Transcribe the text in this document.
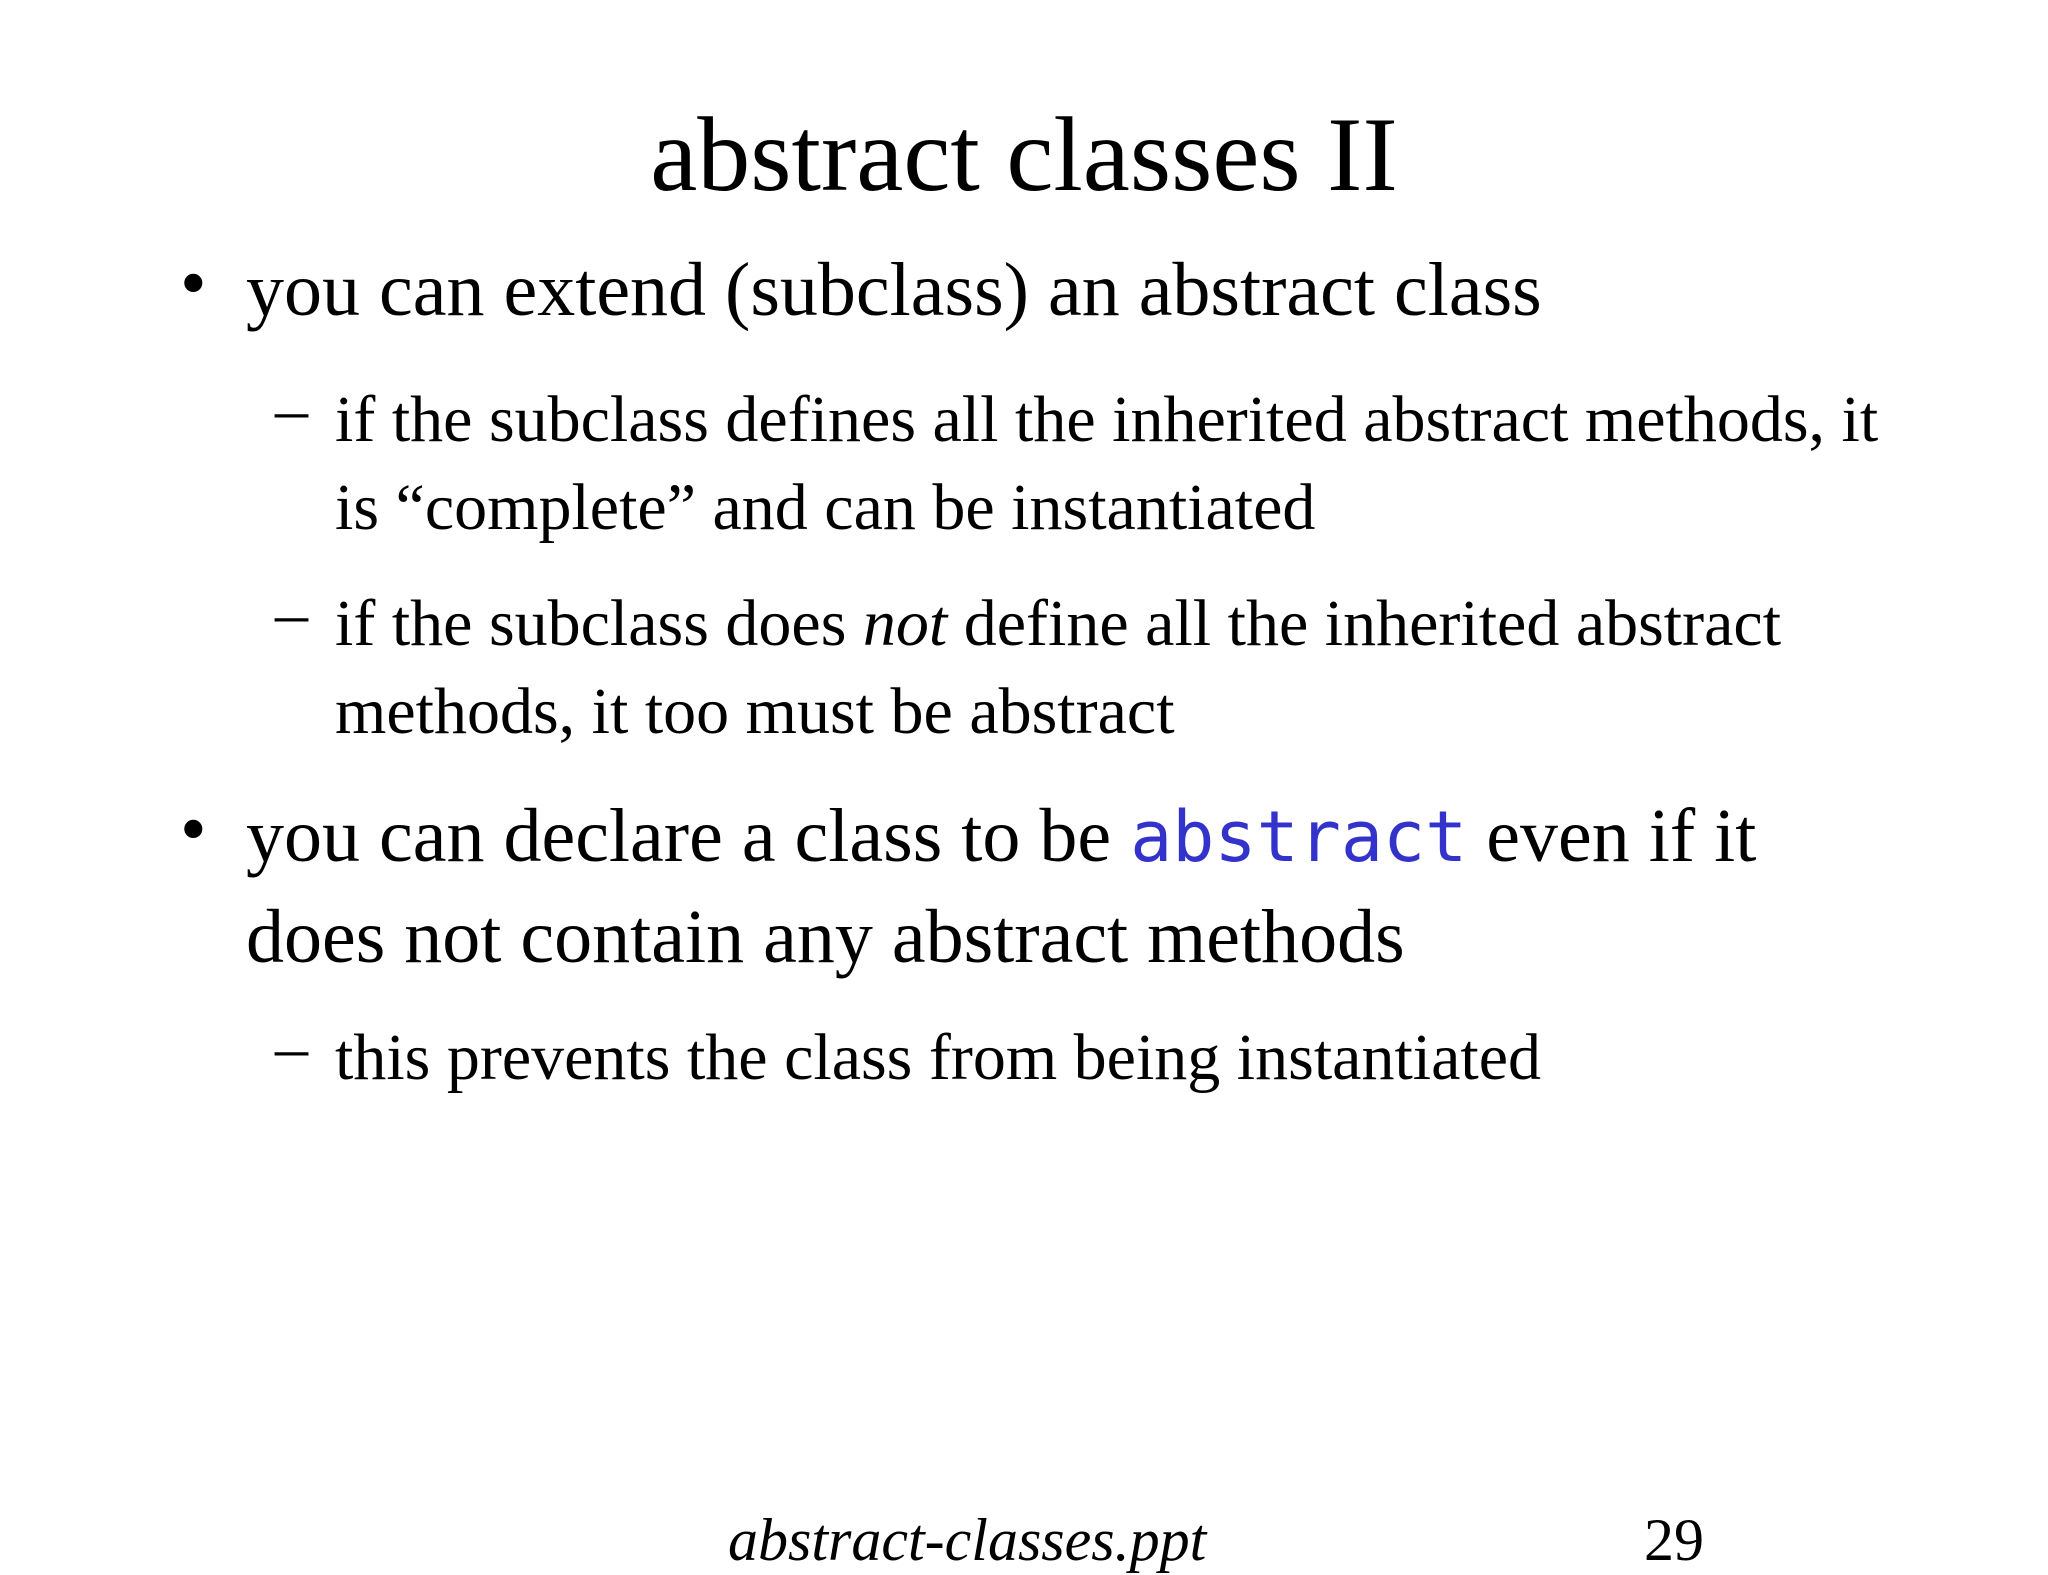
abstract classes II
• you can extend (subclass) an abstract class
– if the subclass defines all the inherited abstract methods, it is “complete” and can be instantiated
– if the subclass does not define all the inherited abstract methods, it too must be abstract
• you can declare a class to be abstract even if it does not contain any abstract methods
– this prevents the class from being instantiated
abstract-classes.ppt	29
